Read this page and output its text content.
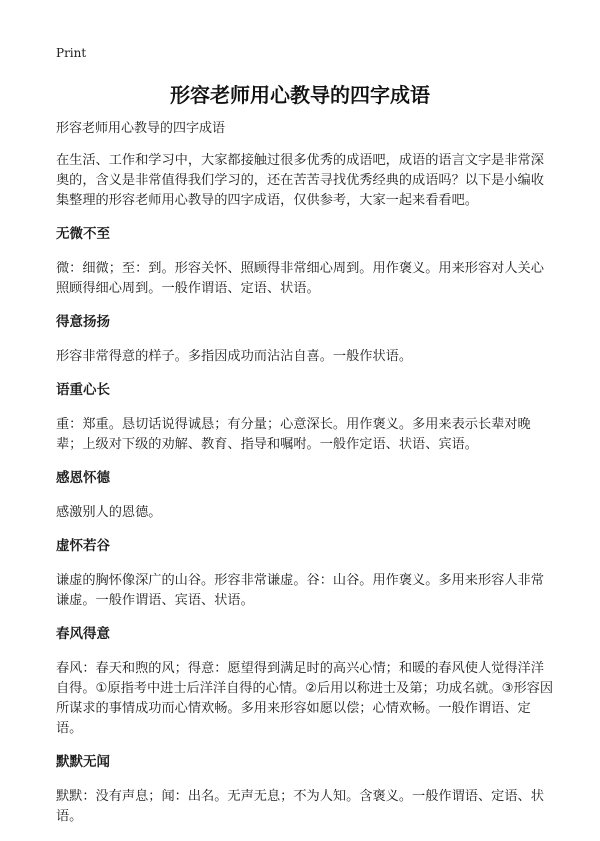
Print
形容老师用心教导的四字成语

形容老师用心教导的四字成语

在生活、工作和学习中，大家都接触过很多优秀的成语吧，成语的语言文字是非常深奥的，含义是非常值得我们学习的，还在苦苦寻找优秀经典的成语吗？以下是小编收集整理的形容老师用心教导的四字成语，仅供参考，大家一起来看看吧。

无微不至

微：细微；至：到。形容关怀、照顾得非常细心周到。用作褒义。用来形容对人关心照顾得细心周到。一般作谓语、定语、状语。

得意扬扬

形容非常得意的样子。多指因成功而沾沾自喜。一般作状语。

语重心长

重：郑重。恳切话说得诚恳；有分量；心意深长。用作褒义。多用来表示长辈对晚辈；上级对下级的劝解、教育、指导和嘱咐。一般作定语、状语、宾语。

感恩怀德

感激别人的恩德。

虚怀若谷

谦虚的胸怀像深广的山谷。形容非常谦虚。谷：山谷。用作褒义。多用来形容人非常谦虚。一般作谓语、宾语、状语。

春风得意

春风：春天和煦的风；得意：愿望得到满足时的高兴心情；和暖的春风使人觉得洋洋自得。①原指考中进士后洋洋自得的心情。②后用以称进士及第；功成名就。③形容因所谋求的事情成功而心情欢畅。多用来形容如愿以偿；心情欢畅。一般作谓语、定语。

默默无闻

默默：没有声息；闻：出名。无声无息；不为人知。含褒义。一般作谓语、定语、状语。
